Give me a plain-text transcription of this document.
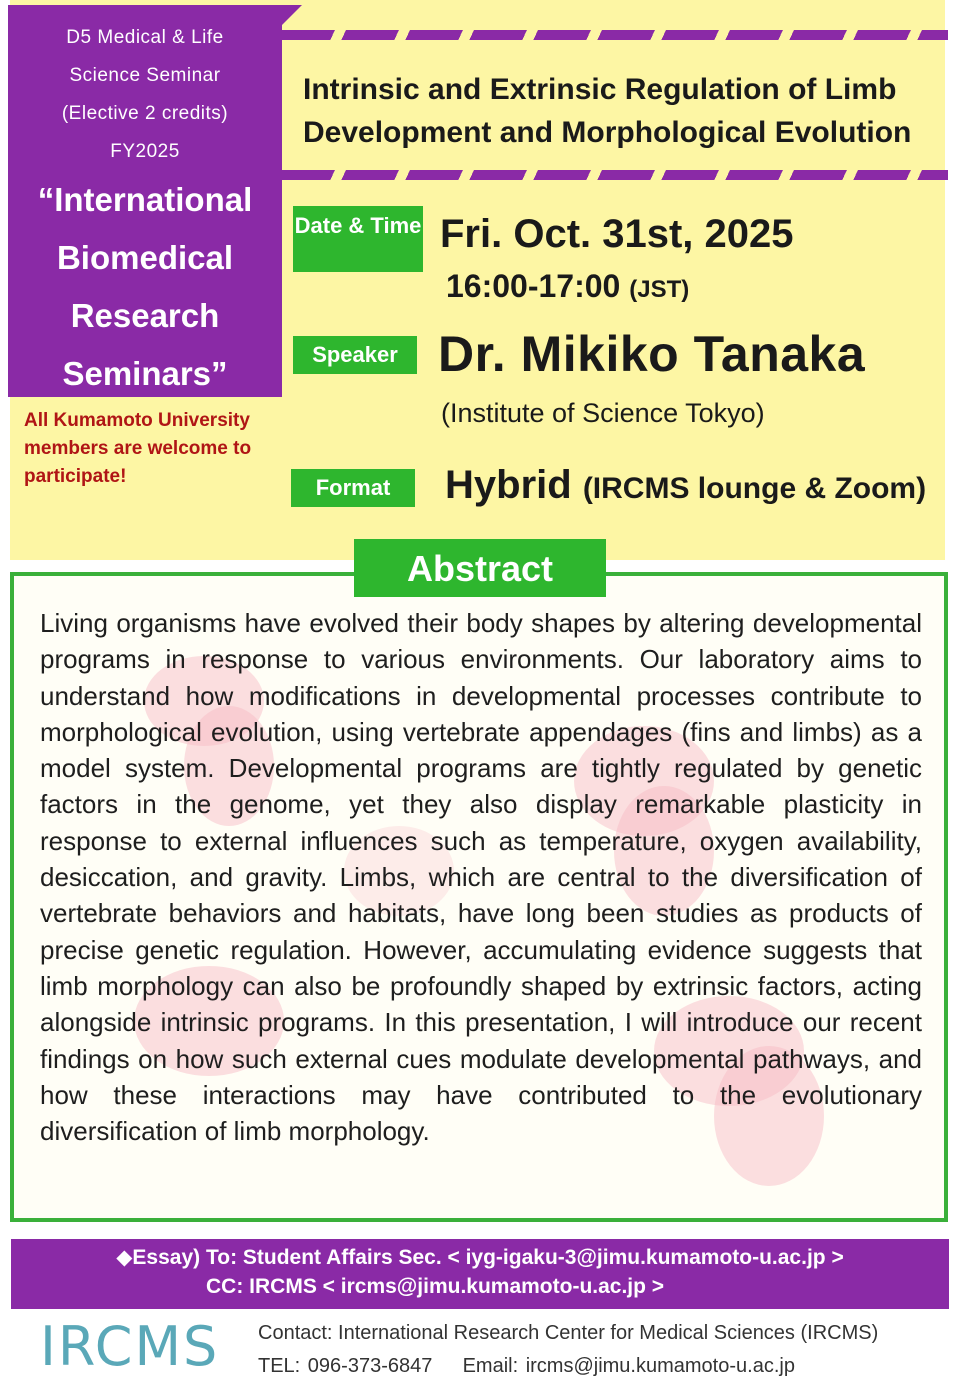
D5 Medical & Life
Science Seminar
(Elective 2 credits)
FY2025
“International
Biomedical
Research
Seminars”
All Kumamoto University members are welcome to participate!
Intrinsic and Extrinsic Regulation of Limb Development and Morphological Evolution
Date & Time Fri. Oct. 31st, 2025
16:00-17:00 (JST)
Speaker Dr. Mikiko Tanaka
(Institute of Science Tokyo)
Format	Hybrid (IRCMS lounge & Zoom)
Abstract
Living organisms have evolved their body shapes by altering developmental programs in response to various environments. Our laboratory aims to understand how modifications in developmental processes contribute to morphological evolution, using vertebrate appendages (fins and limbs) as a model system. Developmental programs are tightly regulated by genetic factors in the genome, yet they also display remarkable plasticity in response to external influences such as temperature, oxygen availability, desiccation, and gravity. Limbs, which are central to the diversification of vertebrate behaviors and habitats, have long been studies as products of precise genetic regulation. However, accumulating evidence suggests that limb morphology can also be profoundly shaped by extrinsic factors, acting alongside intrinsic programs. In this presentation, I will introduce our recent findings on how such external cues modulate developmental pathways, and how these interactions may have contributed to the evolutionary diversification of limb morphology.
◆Essay) To: Student Affairs Sec. < iyg-igaku-3@jimu.kumamoto-u.ac.jp >
CC: IRCMS < ircms@jimu.kumamoto-u.ac.jp >
IRCMS Contact: International Research Center for Medical Sciences (IRCMS)
TEL: 096-373-6847    Email: ircms@jimu.kumamoto-u.ac.jp
